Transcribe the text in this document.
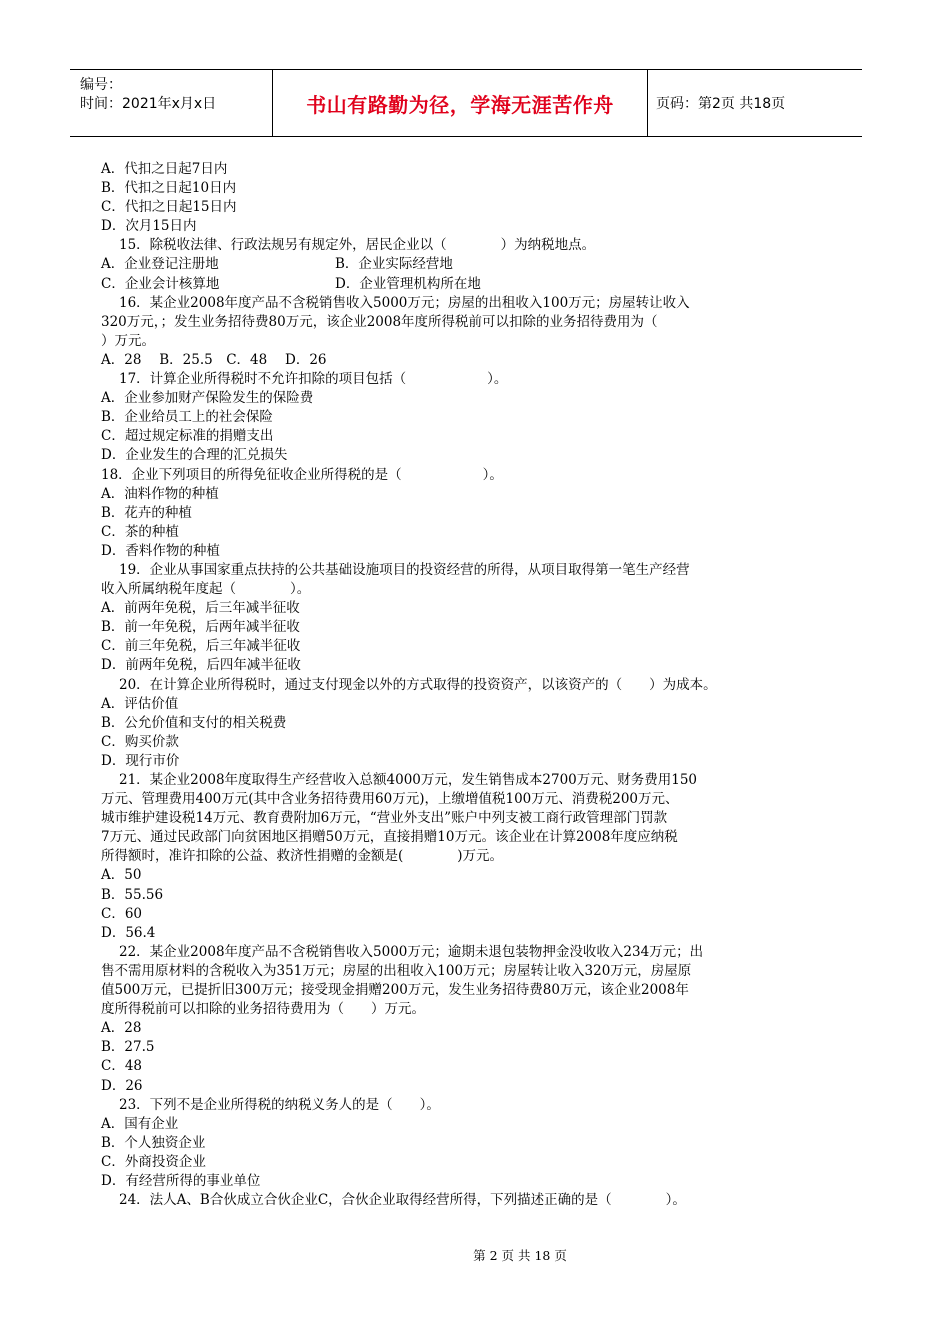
编号：
时间：2021年x月x日	书山有路勤为径，学海无涯苦作舟	页码：第2页 共18页
A．代扣之日起7日内
B．代扣之日起10日内
C．代扣之日起15日内
D．次月15日内
15．除税收法律、行政法规另有规定外，居民企业以（　　　　）为纳税地点。
A．企业登记注册地	B．企业实际经营地
C．企业会计核算地	D．企业管理机构所在地
16．某企业2008年度产品不含税销售收入5000万元；房屋的出租收入100万元；房屋转让收入
320万元，；发生业务招待费80万元，该企业2008年度所得税前可以扣除的业务招待费用为（
）万元。
A．28　 B．25.5　C．48　 D．26
17．计算企业所得税时不允许扣除的项目包括（　　　　　　）。
A．企业参加财产保险发生的保险费
B．企业给员工上的社会保险
C．超过规定标准的捐赠支出
D．企业发生的合理的汇兑损失
18．企业下列项目的所得免征收企业所得税的是（　　　　　　）。
A．油料作物的种植
B．花卉的种植
C．茶的种植
D．香料作物的种植
19．企业从事国家重点扶持的公共基础设施项目的投资经营的所得，从项目取得第一笔生产经营
收入所属纳税年度起（　　　　）。
A．前两年免税，后三年减半征收
B．前一年免税，后两年减半征收
C．前三年免税，后三年减半征收
D．前两年免税，后四年减半征收
20．在计算企业所得税时，通过支付现金以外的方式取得的投资资产，以该资产的（　　）为成本。
A．评估价值
B．公允价值和支付的相关税费
C．购买价款
D．现行市价
21．某企业2008年度取得生产经营收入总额4000万元，发生销售成本2700万元、财务费用150
万元、管理费用400万元(其中含业务招待费用60万元)，上缴增值税100万元、消费税200万元、
城市维护建设税14万元、教育费附加6万元，“营业外支出”账户中列支被工商行政管理部门罚款
7万元、通过民政部门向贫困地区捐赠50万元，直接捐赠10万元。该企业在计算2008年度应纳税
所得额时，准许扣除的公益、救济性捐赠的金额是(　　　　)万元。
A．50
B．55.56
C．60
D．56.4
22．某企业2008年度产品不含税销售收入5000万元；逾期未退包装物押金没收收入234万元；出
售不需用原材料的含税收入为351万元；房屋的出租收入100万元；房屋转让收入320万元，房屋原
值500万元，已提折旧300万元；接受现金捐赠200万元，发生业务招待费80万元，该企业2008年
度所得税前可以扣除的业务招待费用为（　　）万元。
A．28
B．27.5
C．48
D．26
23．下列不是企业所得税的纳税义务人的是（　　）。
A．国有企业
B．个人独资企业
C．外商投资企业
D．有经营所得的事业单位
24．法人A、B合伙成立合伙企业C，合伙企业取得经营所得，下列描述正确的是（　　　　）。
第 2 页 共 18 页
